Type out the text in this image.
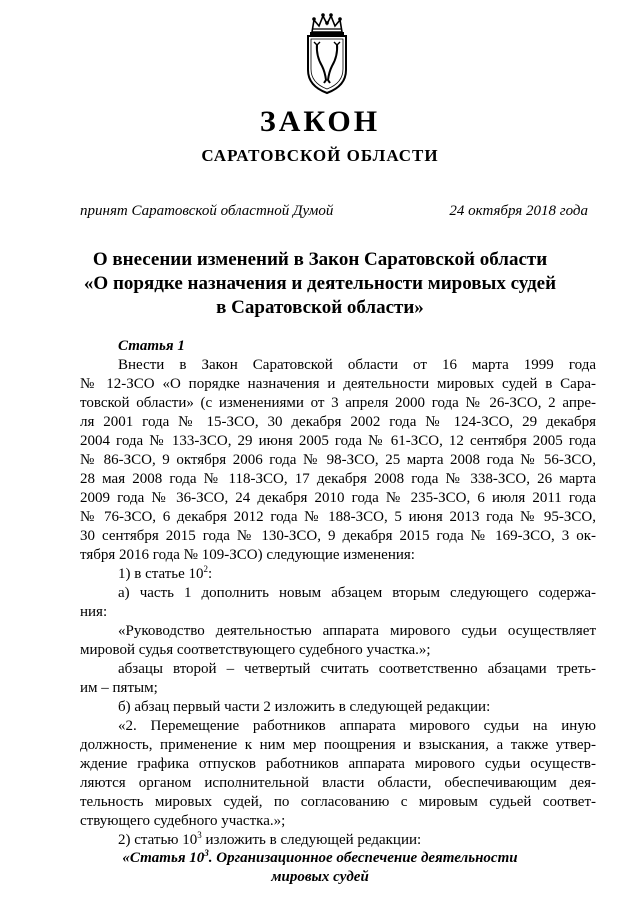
ЗАКОН
САРАТОВСКОЙ ОБЛАСТИ
принят Саратовской областной Думой	24 октября 2018 года
О внесении изменений в Закон Саратовской области
«О порядке назначения и деятельности мировых судей
в Саратовской области»
Статья 1
Внести в Закон Саратовской области от 16 марта 1999 года
№ 12-ЗСО «О порядке назначения и деятельности мировых судей в Сара-
товской области» (с изменениями от 3 апреля 2000 года № 26-ЗСО, 2 апре-
ля 2001 года № 15-ЗСО, 30 декабря 2002 года № 124-ЗСО, 29 декабря
2004 года № 133-ЗСО, 29 июня 2005 года № 61-ЗСО, 12 сентября 2005 года
№ 86-ЗСО, 9 октября 2006 года № 98-ЗСО, 25 марта 2008 года № 56-ЗСО,
28 мая 2008 года № 118-ЗСО, 17 декабря 2008 года № 338-ЗСО, 26 марта
2009 года № 36-ЗСО, 24 декабря 2010 года № 235-ЗСО, 6 июля 2011 года
№ 76-ЗСО, 6 декабря 2012 года № 188-ЗСО, 5 июня 2013 года № 95-ЗСО,
30 сентября 2015 года № 130-ЗСО, 9 декабря 2015 года № 169-ЗСО, 3 ок-
тября 2016 года № 109-ЗСО) следующие изменения:
1) в статье $10^2$:
а) часть 1 дополнить новым абзацем вторым следующего содержа-
ния:
«Руководство деятельностью аппарата мирового судьи осуществляет
мировой судья соответствующего судебного участка.»;
абзацы второй – четвертый считать соответственно абзацами треть-
им – пятым;
б) абзац первый части 2 изложить в следующей редакции:
«2. Перемещение работников аппарата мирового судьи на иную
должность, применение к ним мер поощрения и взыскания, а также утвер-
ждение графика отпусков работников аппарата мирового судьи осуществ-
ляются органом исполнительной власти области, обеспечивающим дея-
тельность мировых судей, по согласованию с мировым судьей соответ-
ствующего судебного участка.»;
2) статью $10^3$ изложить в следующей редакции:
«Статья $10^3$. Организационное обеспечение деятельности
мировых судей
